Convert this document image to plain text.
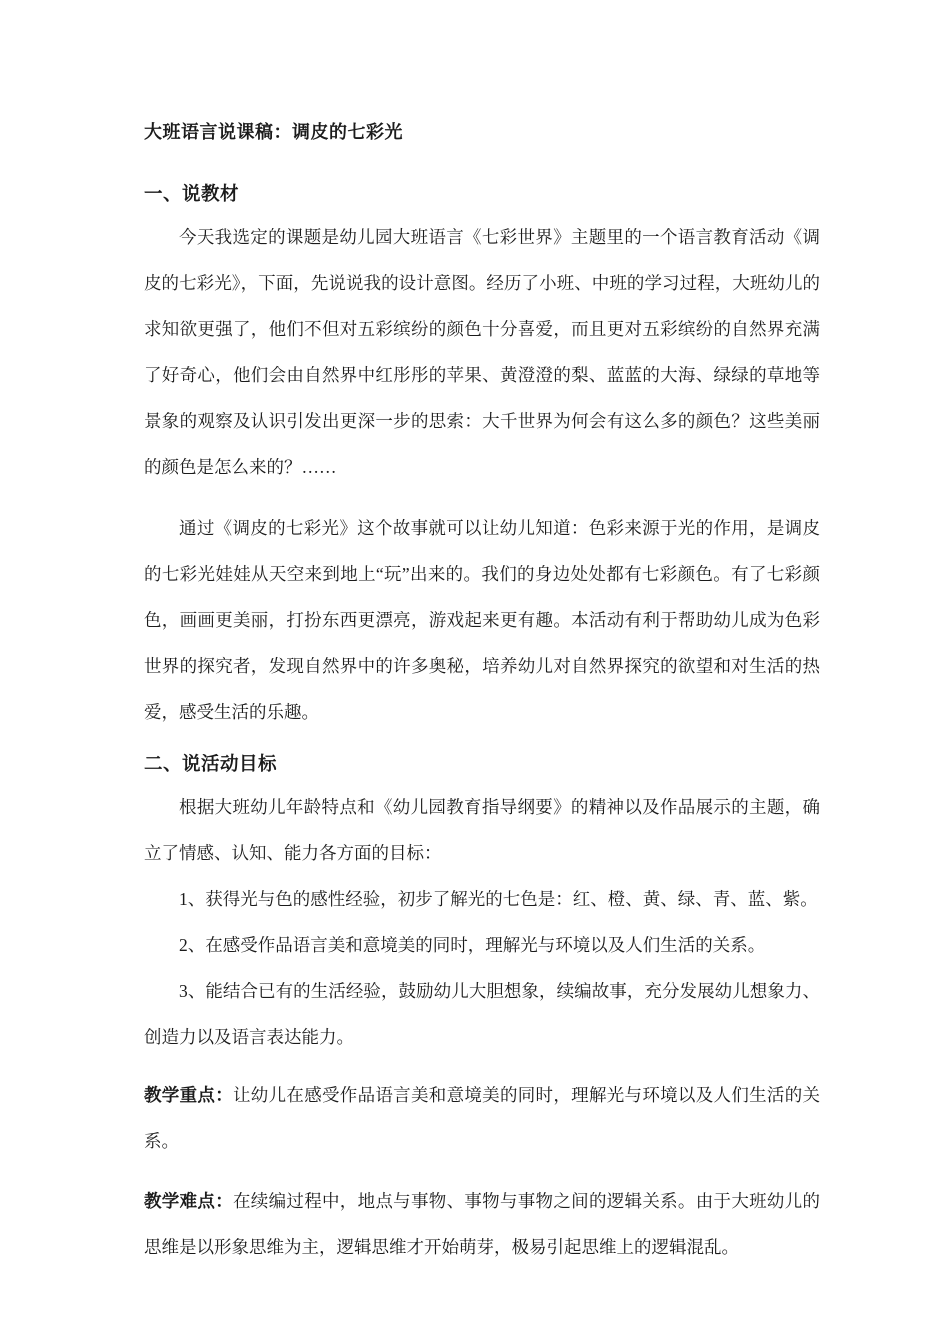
大班语言说课稿：调皮的七彩光
一、说教材

今天我选定的课题是幼儿园大班语言《七彩世界》主题里的一个语言教育活动《调皮的七彩光》，下面，先说说我的设计意图。经历了小班、中班的学习过程，大班幼儿的求知欲更强了，他们不但对五彩缤纷的颜色十分喜爱，而且更对五彩缤纷的自然界充满了好奇心，他们会由自然界中红彤彤的苹果、黄澄澄的梨、蓝蓝的大海、绿绿的草地等景象的观察及认识引发出更深一步的思索：大千世界为何会有这么多的颜色？这些美丽的颜色是怎么来的？……

通过《调皮的七彩光》这个故事就可以让幼儿知道：色彩来源于光的作用，是调皮的七彩光娃娃从天空来到地上“玩”出来的。我们的身边处处都有七彩颜色。有了七彩颜色，画画更美丽，打扮东西更漂亮，游戏起来更有趣。本活动有利于帮助幼儿成为色彩世界的探究者，发现自然界中的许多奥秘，培养幼儿对自然界探究的欲望和对生活的热爱，感受生活的乐趣。

二、说活动目标

根据大班幼儿年龄特点和《幼儿园教育指导纲要》的精神以及作品展示的主题，确立了情感、认知、能力各方面的目标：

1、获得光与色的感性经验，初步了解光的七色是：红、橙、黄、绿、青、蓝、紫。

2、在感受作品语言美和意境美的同时，理解光与环境以及人们生活的关系。

3、能结合已有的生活经验，鼓励幼儿大胆想象，续编故事，充分发展幼儿想象力、创造力以及语言表达能力。

教学重点：让幼儿在感受作品语言美和意境美的同时，理解光与环境以及人们生活的关系。

教学难点：在续编过程中，地点与事物、事物与事物之间的逻辑关系。由于大班幼儿的思维是以形象思维为主，逻辑思维才开始萌芽，极易引起思维上的逻辑混乱。
